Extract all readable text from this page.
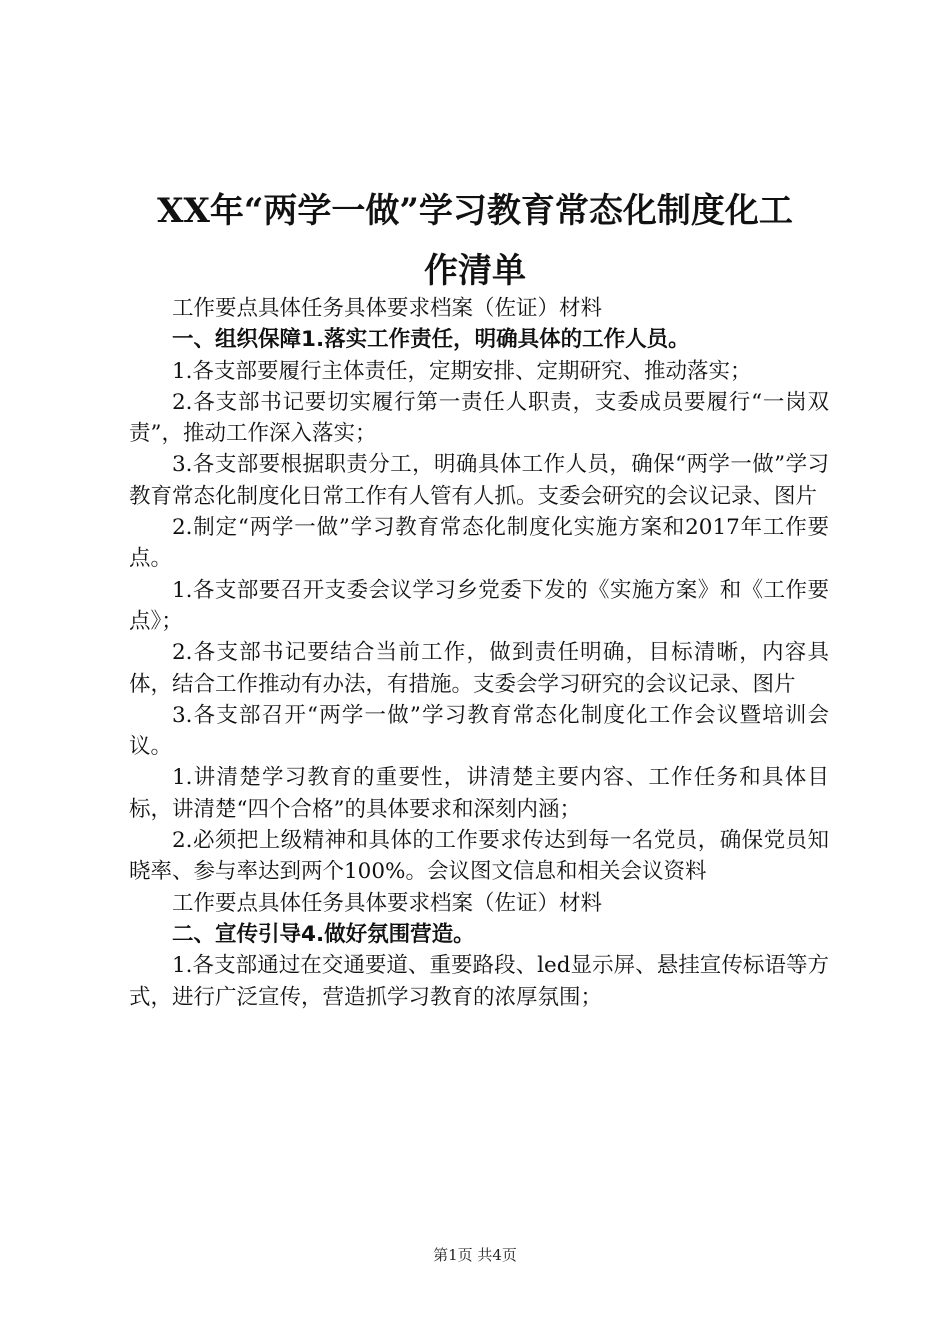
XX年“两学一做”学习教育常态化制度化工
作清单

工作要点具体任务具体要求档案（佐证）材料

一、组织保障1.落实工作责任，明确具体的工作人员。

1.各支部要履行主体责任，定期安排、定期研究、推动落实；

2.各支部书记要切实履行第一责任人职责，支委成员要履行“一岗双责”，推动工作深入落实；

3.各支部要根据职责分工，明确具体工作人员，确保“两学一做”学习教育常态化制度化日常工作有人管有人抓。支委会研究的会议记录、图片

2.制定“两学一做”学习教育常态化制度化实施方案和2017年工作要点。

1.各支部要召开支委会议学习乡党委下发的《实施方案》和《工作要点》；

2.各支部书记要结合当前工作，做到责任明确，目标清晰，内容具体，结合工作推动有办法，有措施。支委会学习研究的会议记录、图片

3.各支部召开“两学一做”学习教育常态化制度化工作会议暨培训会议。

1.讲清楚学习教育的重要性，讲清楚主要内容、工作任务和具体目标，讲清楚“四个合格”的具体要求和深刻内涵；

2.必须把上级精神和具体的工作要求传达到每一名党员，确保党员知晓率、参与率达到两个100%。会议图文信息和相关会议资料

工作要点具体任务具体要求档案（佐证）材料

二、宣传引导4.做好氛围营造。

1.各支部通过在交通要道、重要路段、led显示屏、悬挂宣传标语等方式，进行广泛宣传，营造抓学习教育的浓厚氛围；

第1页 共4页
